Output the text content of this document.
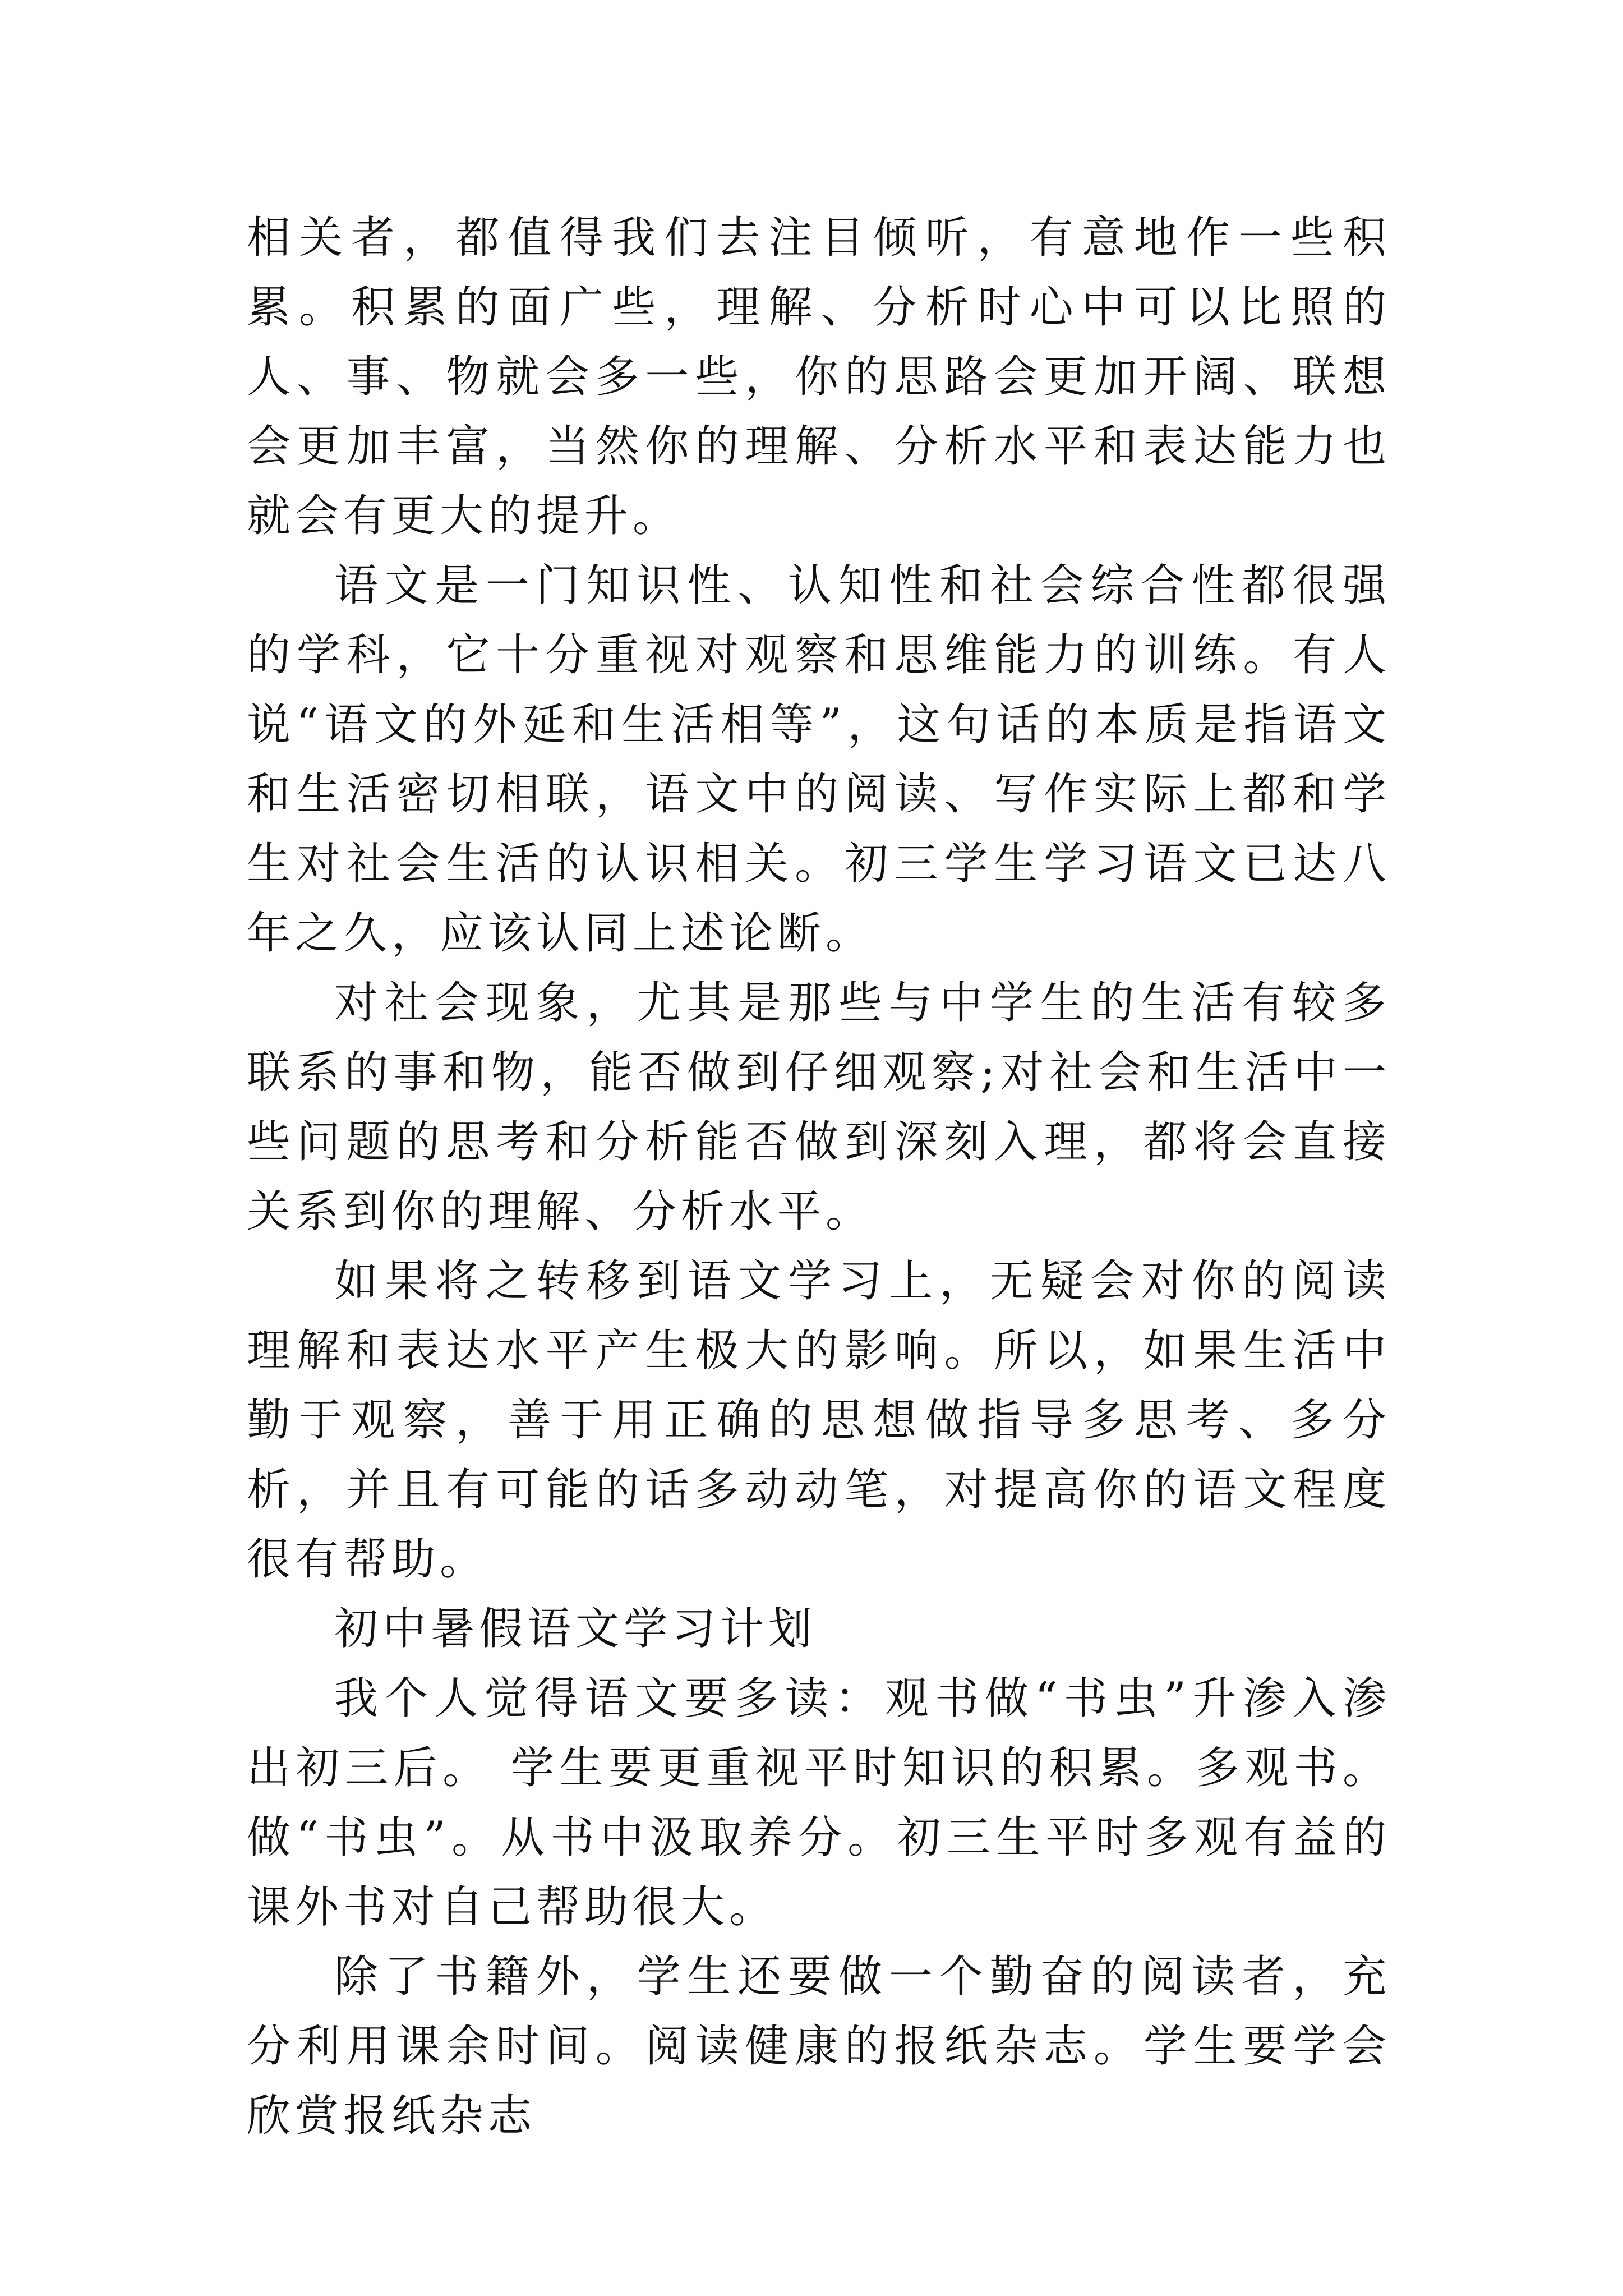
相关者，都值得我们去注目倾听，有意地作一些积累。积累的面广些，理解、分析时心中可以比照的人、事、物就会多一些，你的思路会更加开阔、联想会更加丰富，当然你的理解、分析水平和表达能力也就会有更大的提升。

语文是一门知识性、认知性和社会综合性都很强的学科，它十分重视对观察和思维能力的训练。有人说“语文的外延和生活相等”，这句话的本质是指语文和生活密切相联，语文中的阅读、写作实际上都和学生对社会生活的认识相关。初三学生学习语文已达八年之久，应该认同上述论断。

对社会现象，尤其是那些与中学生的生活有较多联系的事和物，能否做到仔细观察;对社会和生活中一些问题的思考和分析能否做到深刻入理，都将会直接关系到你的理解、分析水平。

如果将之转移到语文学习上，无疑会对你的阅读理解和表达水平产生极大的影响。所以，如果生活中勤于观察，善于用正确的思想做指导多思考、多分析，并且有可能的话多动动笔，对提高你的语文程度很有帮助。

初中暑假语文学习计划

我个人觉得语文要多读：观书做“书虫”升渗入渗出初三后。 学生要更重视平时知识的积累。多观书。做“书虫”。从书中汲取养分。初三生平时多观有益的课外书对自己帮助很大。

除了书籍外，学生还要做一个勤奋的阅读者，充分利用课余时间。阅读健康的报纸杂志。学生要学会欣赏报纸杂志
